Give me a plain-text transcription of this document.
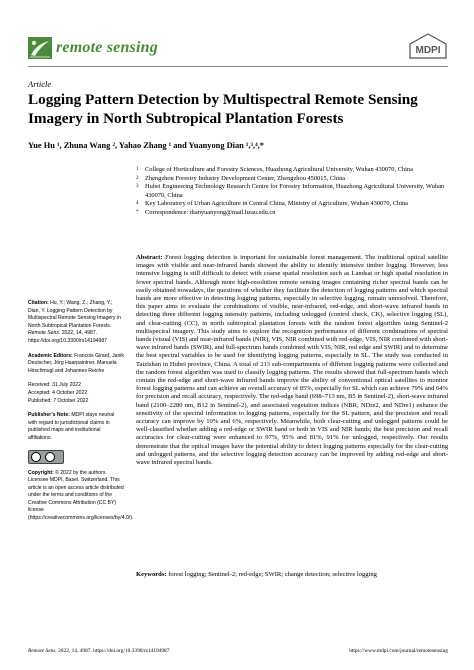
remote sensing	MDPI
Article
Logging Pattern Detection by Multispectral Remote Sensing Imagery in North Subtropical Plantation Forests
Yue Hu ¹, Zhuna Wang ², Yahao Zhang ¹ and Yuanyong Dian ¹,³,⁴,*
1	College of Horticulture and Forestry Sciences, Huazhong Agricultural University, Wuhan 430070, China
2	Zhengzhou Forestry Industry Development Center, Zhengzhou 450015, China
3	Hubei Engineering Technology Research Centre for Forestry Information, Huazhong Agricultural University, Wuhan 430070, China
4	Key Laboratory of Urban Agriculture in Central China, Ministry of Agriculture, Wuhan 430070, China
*	Correspondence: dianyuanyong@mail.hzau.edu.cn
Citation: Hu, Y.; Wang, Z.; Zhang, Y.; Dian, Y. Logging Pattern Detection by Multispectral Remote Sensing Imagery in North Subtropical Plantation Forests. Remote Sens. 2022, 14, 4987. https://doi.org/10.3390/rs14194987
Academic Editors: Francois Girard, Janik Deutscher, Jörg Haarpaintner, Manuela Hirschmugl and Johannes Reiche
Received: 31 July 2022
Accepted: 4 October 2022
Published: 7 October 2022
Publisher’s Note: MDPI stays neutral with regard to jurisdictional claims in published maps and institutional affiliations.
Copyright: © 2022 by the authors. Licensee MDPI, Basel, Switzerland. This article is an open access article distributed under the terms and conditions of the Creative Commons Attribution (CC BY) license (https://creativecommons.org/licenses/by/4.0/).
Abstract: Forest logging detection is important for sustainable forest management. The traditional optical satellite images with visible and near-infrared bands showed the ability to identify intensive timber logging. However, less intensive logging is still difficult to detect with coarse spatial resolution such as Landsat or high spatial resolution in fewer spectral bands. Although more high-resolution remote sensing images containing richer spectral bands can be easily obtained nowadays, the questions of whether they facilitate the detection of logging patterns and which spectral bands are more effective in detecting logging patterns, especially in selective logging, remain unresolved. Therefore, this paper aims to evaluate the combinations of visible, near-infrared, red-edge, and short-wave infrared bands in detecting three different logging intensity patterns, including unlogged (control check, CK), selective logging (SL), and clear-cutting (CC), in north subtropical plantation forests with the random forest algorithm using Sentinel-2 multispectral imagery. This study aims to explore the recognition performance of different combinations of spectral bands (visual (VIS) and near-infrared bands (NIR), VIS, NIR combined with red-edge, VIS, NIR combined with short-wave infrared bands (SWIR), and full-spectrum bands combined with VIS, NIR, red edge and SWIR) and to determine the best spectral variables to be used for identifying logging patterns, especially in SL. The study was conducted in Taizishan in Hubei province, China. A total of 213 sub-compartments of different logging patterns were collected and the random forest algorithm was used to classify logging patterns. The results showed that full-spectrum bands which contain the red-edge and short-wave infrared bands improve the ability of conventional optical satellites to monitor forest logging patterns and can achieve an overall accuracy of 85%, especially for SL which can achieve 79% and 64% for precision and recall accuracy, respectively. The red-edge band (698–713 nm, B5 in Sentinel-2), short-wave infrared band (2100–2280 nm, B12 in Sentinel-2), and associated vegetation indices (NBR, NDre2, and NDre1) enhance the sensitivity of the spectral information to logging patterns, especially for the SL pattern, and the precision and recall accuracy can improve by 10% and 6%, respectively. Meanwhile, both clear-cutting and unlogged patterns could be well-classified whether adding a red-edge or SWIR band or both in VIS and NIR bands; the best precision and recall accuracies for clear-cutting were enhanced to 97%, 95% and 81%, 91% for unlogged, respectively. Our results demonstrate that the optical images have the potential ability to detect logging patterns especially for the clear-cutting and unlogged patterns, and the selective logging detection accuracy can be improved by adding red-edge and short-wave infrared spectral bands.
Keywords: forest logging; Sentinel-2; red-edge; SWIR; change detection; selective logging
Remote Sens. 2022, 14, 4987. https://doi.org/10.3390/rs14194987	https://www.mdpi.com/journal/remotesensing
